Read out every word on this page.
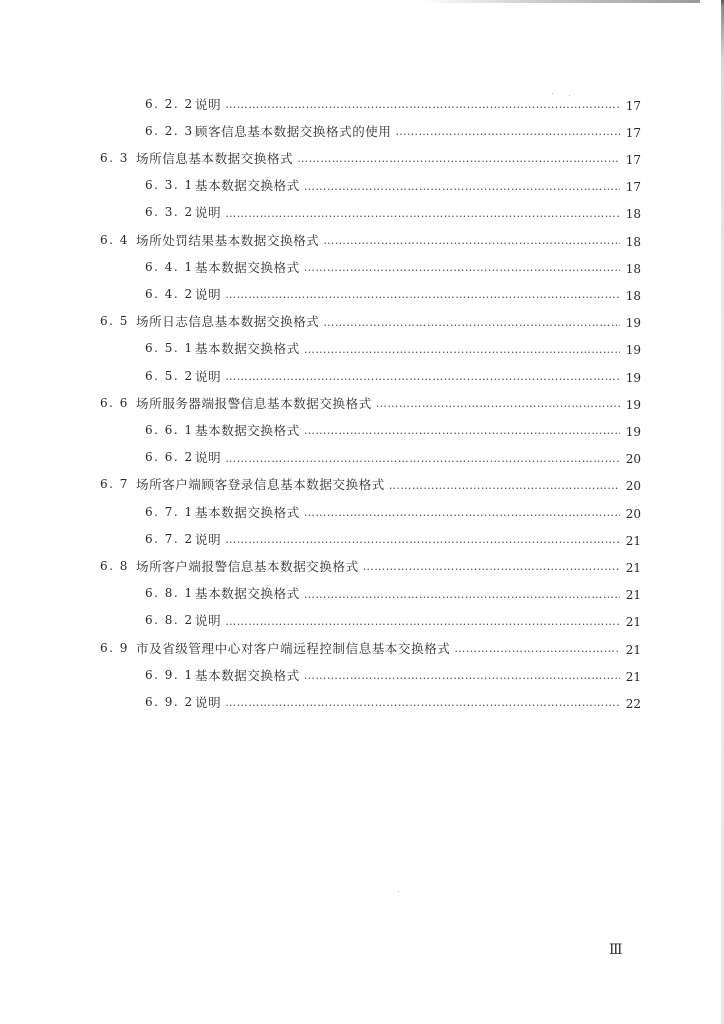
6. 2. 2 说明 ………………………………………………………………………………………………………………………………………………………………………………………………	17
6. 2. 3 顾客信息基本数据交换格式的使用 ………………………………………………………………………………………………………………………………………………………………………………………………	17
6. 3 场所信息基本数据交换格式 ………………………………………………………………………………………………………………………………………………………………………………………………	17
6. 3. 1 基本数据交换格式 ………………………………………………………………………………………………………………………………………………………………………………………………	17
6. 3. 2 说明 ………………………………………………………………………………………………………………………………………………………………………………………………	18
6. 4 场所处罚结果基本数据交换格式 ………………………………………………………………………………………………………………………………………………………………………………………………	18
6. 4. 1 基本数据交换格式 ………………………………………………………………………………………………………………………………………………………………………………………………	18
6. 4. 2 说明 ………………………………………………………………………………………………………………………………………………………………………………………………	18
6. 5 场所日志信息基本数据交换格式 ………………………………………………………………………………………………………………………………………………………………………………………………	19
6. 5. 1 基本数据交换格式 ………………………………………………………………………………………………………………………………………………………………………………………………	19
6. 5. 2 说明 ………………………………………………………………………………………………………………………………………………………………………………………………	19
6. 6 场所服务器端报警信息基本数据交换格式 ………………………………………………………………………………………………………………………………………………………………………………………………	19
6. 6. 1 基本数据交换格式 ………………………………………………………………………………………………………………………………………………………………………………………………	19
6. 6. 2 说明 ………………………………………………………………………………………………………………………………………………………………………………………………	20
6. 7 场所客户端顾客登录信息基本数据交换格式 ………………………………………………………………………………………………………………………………………………………………………………………………	20
6. 7. 1 基本数据交换格式 ………………………………………………………………………………………………………………………………………………………………………………………………	20
6. 7. 2 说明 ………………………………………………………………………………………………………………………………………………………………………………………………	21
6. 8 场所客户端报警信息基本数据交换格式 ………………………………………………………………………………………………………………………………………………………………………………………………	21
6. 8. 1 基本数据交换格式 ………………………………………………………………………………………………………………………………………………………………………………………………	21
6. 8. 2 说明 ………………………………………………………………………………………………………………………………………………………………………………………………	21
6. 9 市及省级管理中心对客户端远程控制信息基本交换格式 ………………………………………………………………………………………………………………………………………………………………………………………………	21
6. 9. 1 基本数据交换格式 ………………………………………………………………………………………………………………………………………………………………………………………………	21
6. 9. 2 说明 ………………………………………………………………………………………………………………………………………………………………………………………………	22
Ⅲ
